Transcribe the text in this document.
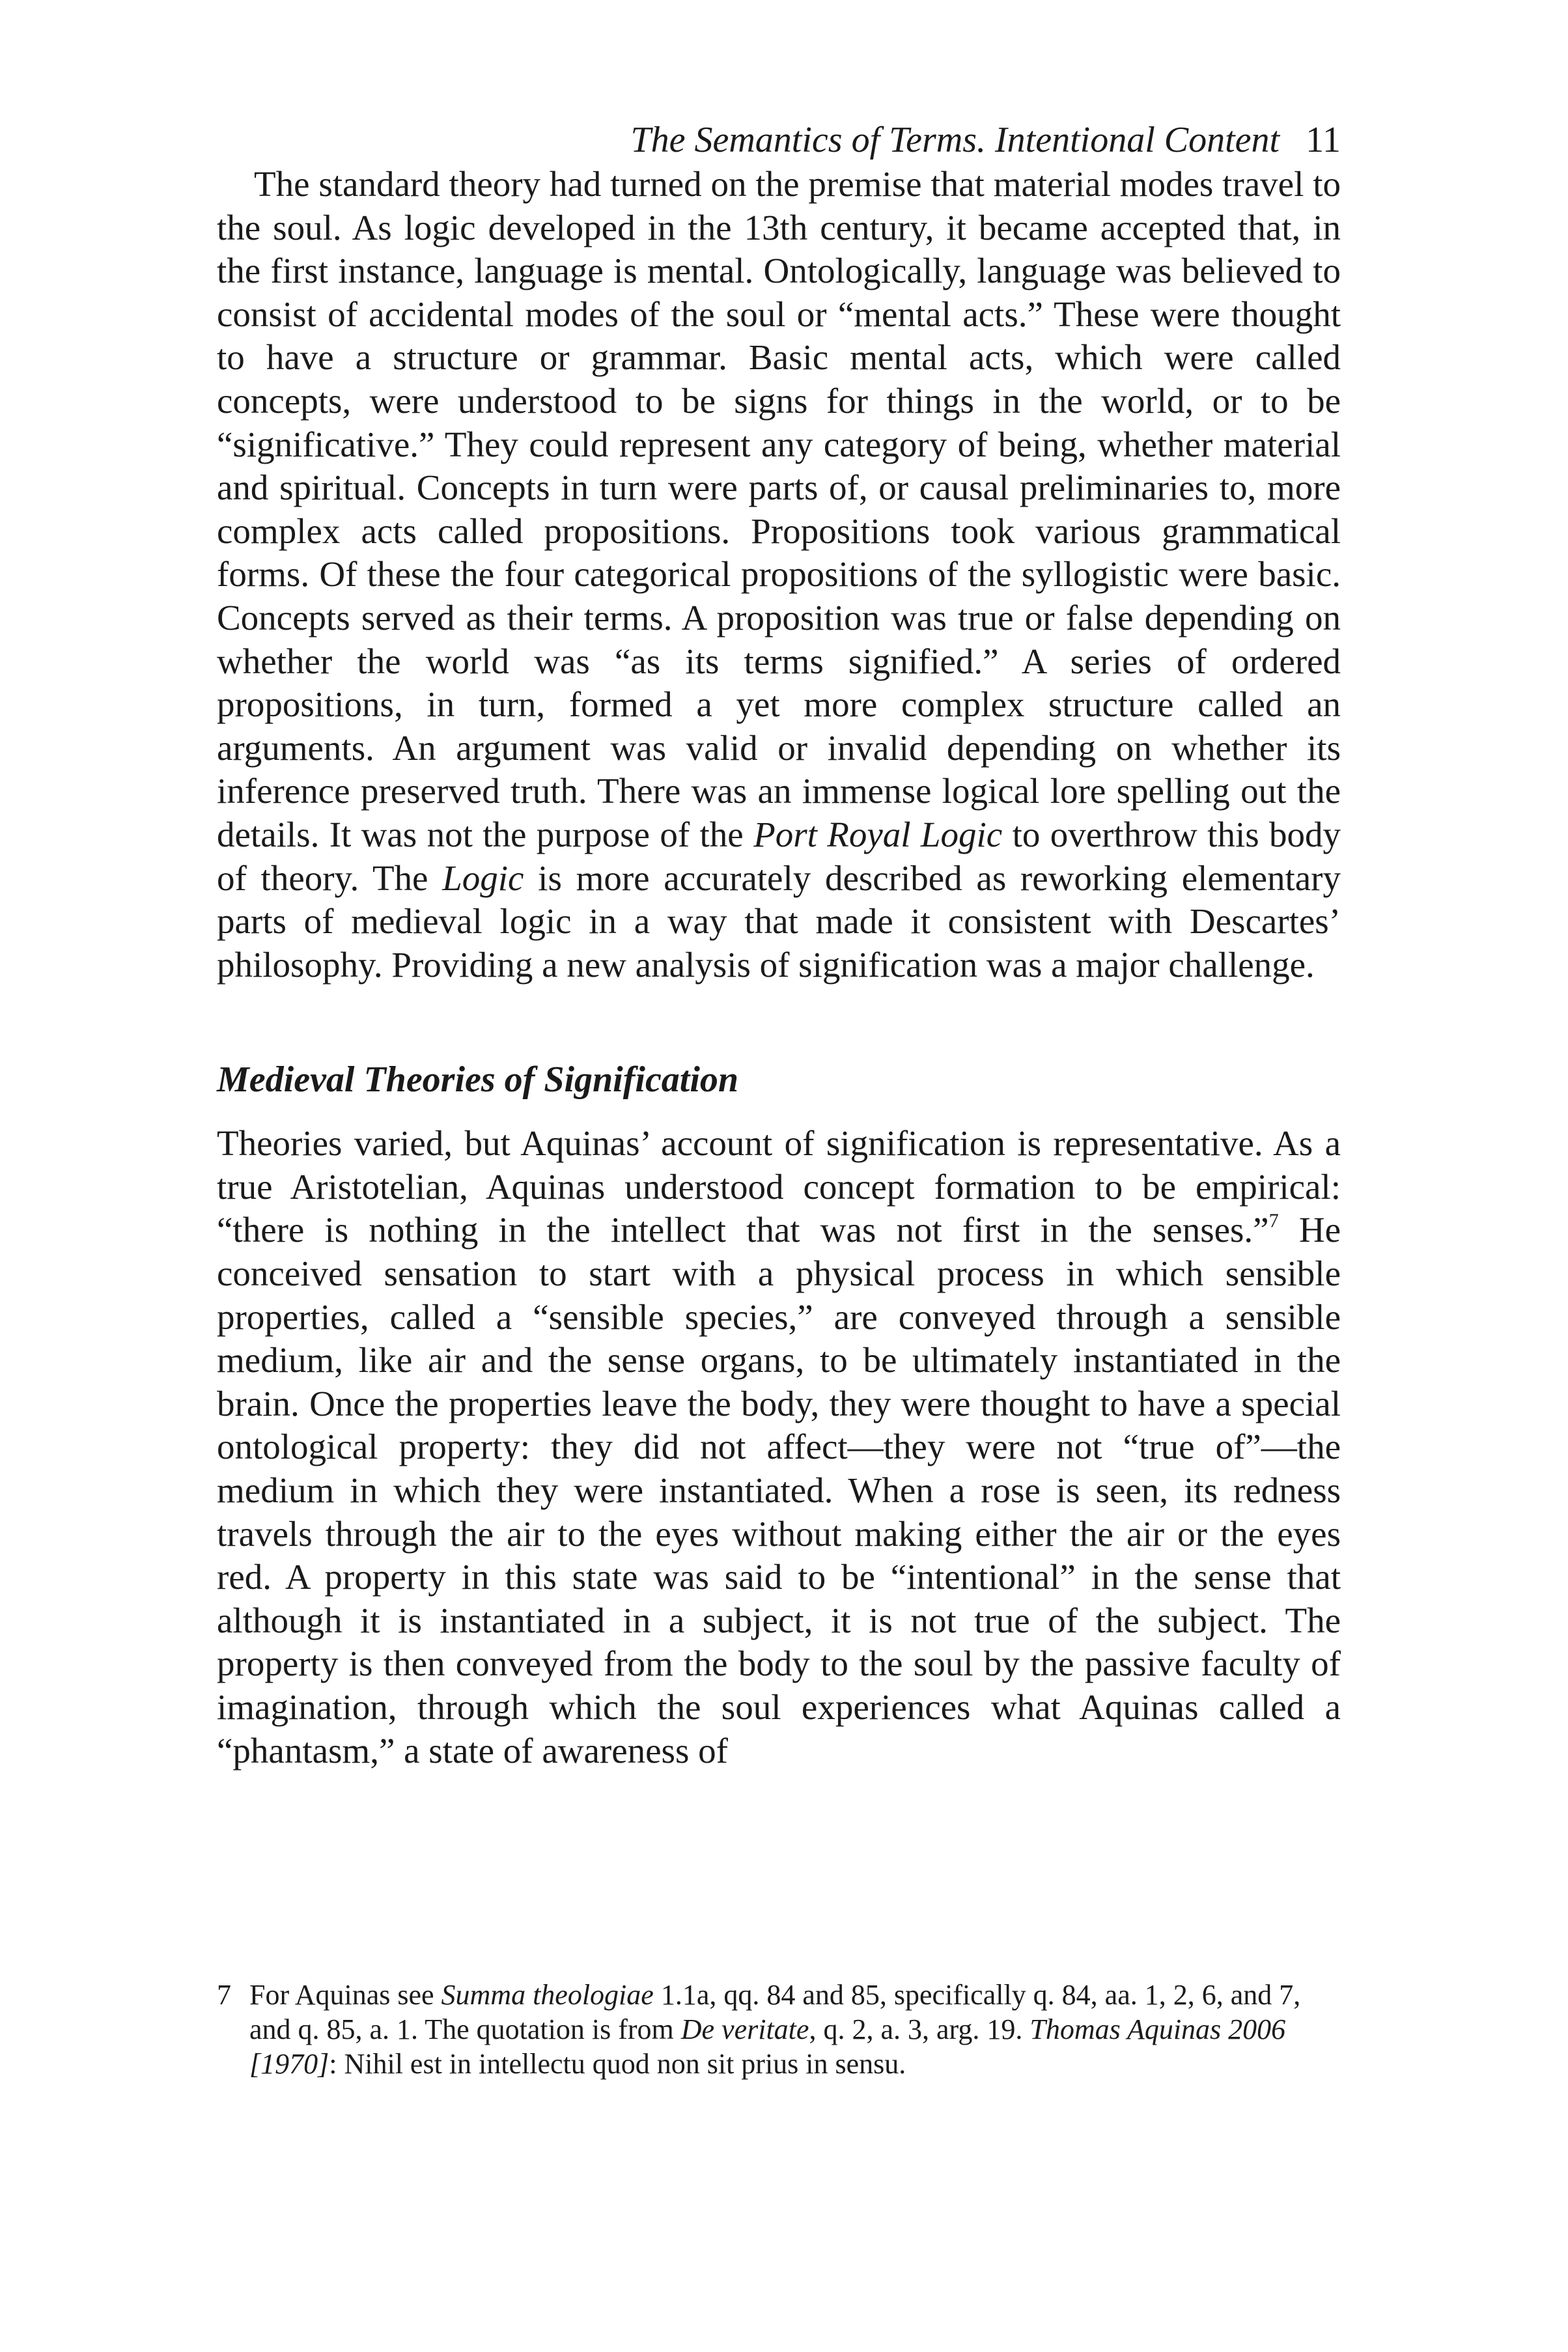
The Semantics of Terms. Intentional Content 11

The standard theory had turned on the premise that material modes travel to the soul. As logic developed in the 13th century, it became accepted that, in the first instance, language is mental. Ontologically, language was believed to consist of accidental modes of the soul or “mental acts.” These were thought to have a structure or grammar. Basic mental acts, which were called concepts, were understood to be signs for things in the world, or to be “significative.” They could represent any category of being, whether material and spiritual. Concepts in turn were parts of, or causal preliminaries to, more complex acts called propositions. Propositions took various grammatical forms. Of these the four categorical propositions of the syllogistic were basic. Concepts served as their terms. A proposition was true or false depending on whether the world was “as its terms signified.” A series of ordered propositions, in turn, formed a yet more complex structure called an arguments. An argument was valid or invalid depending on whether its inference preserved truth. There was an immense logical lore spelling out the details. It was not the purpose of the Port Royal Logic to overthrow this body of theory. The Logic is more accurately described as reworking elementary parts of medieval logic in a way that made it consistent with Descartes’ philosophy. Providing a new analysis of signification was a major challenge.

Medieval Theories of Signification

Theories varied, but Aquinas’ account of signification is representative. As a true Aristotelian, Aquinas understood concept formation to be empirical: “there is nothing in the intellect that was not first in the senses.”$^7$ He conceived sensation to start with a physical process in which sensible properties, called a “sensible species,” are conveyed through a sensible medium, like air and the sense organs, to be ultimately instantiated in the brain. Once the properties leave the body, they were thought to have a special ontological property: they did not affect—they were not “true of”—the medium in which they were instantiated. When a rose is seen, its redness travels through the air to the eyes without making either the air or the eyes red. A property in this state was said to be “intentional” in the sense that although it is instantiated in a subject, it is not true of the subject. The property is then conveyed from the body to the soul by the passive faculty of imagination, through which the soul experiences what Aquinas called a “phantasm,” a state of awareness of

7 For Aquinas see Summa theologiae 1.1a, qq. 84 and 85, specifically q. 84, aa. 1, 2, 6, and 7, and q. 85, a. 1. The quotation is from De veritate, q. 2, a. 3, arg. 19. Thomas Aquinas 2006 [1970]: Nihil est in intellectu quod non sit prius in sensu.
